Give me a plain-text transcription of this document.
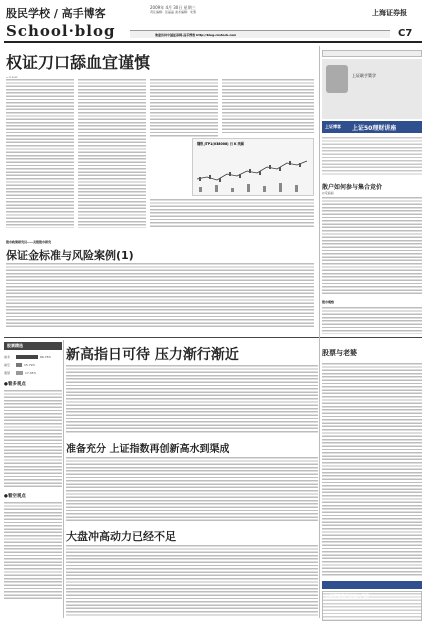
股民学校 / 高手博客	2009年 4月 30日 星期三
责任编辑：张晶晶 美术编辑：朱黎	上海证券报
School·blog	欢迎访问中国证券网·高手博客 http://blog.cnstock.com	C7
权证刀口舔血宜谨慎
钢钒 JTP1(038008) 日 K 线图
股市政策研究员——美股股市研究
保证金标准与风险案例(1)
上证联手策学
上证博客 上证50理财讲座
散户如何参与集合竞价
◎宋丽丽
股市观察
股票精选
看多	66.76%
看空	15.79%
观望	17.45%
●看多观点
●看空观点
新高指日可待 压力渐行渐近
准备充分 上证指数再创新高水到渠成
大盘冲高动力已经不足
股票与老婆
上证博客热门日志人气榜
